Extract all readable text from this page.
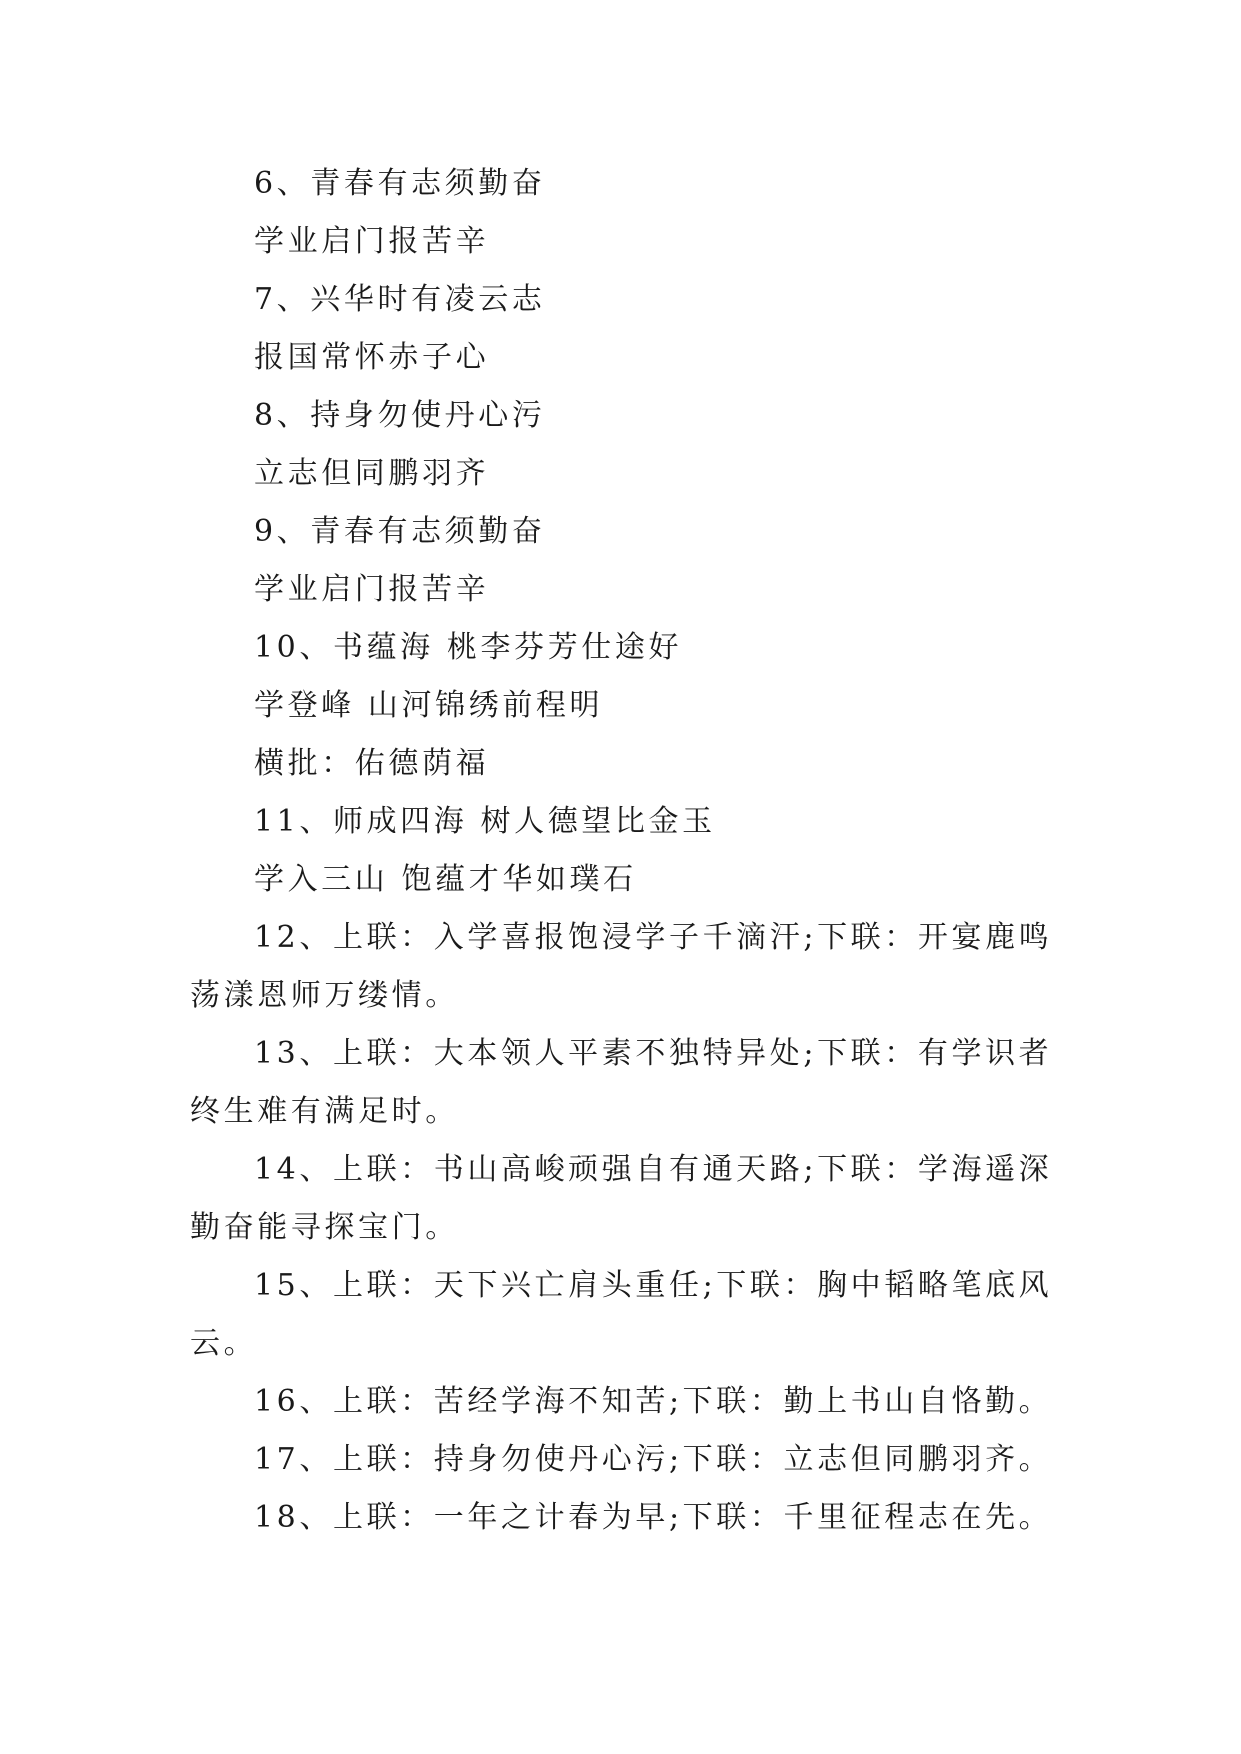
6、青春有志须勤奋
学业启门报苦辛
7、兴华时有凌云志
报国常怀赤子心
8、持身勿使丹心污
立志但同鹏羽齐
9、青春有志须勤奋
学业启门报苦辛
10、书蕴海 桃李芬芳仕途好
学登峰 山河锦绣前程明
横批：佑德荫福
11、师成四海 树人德望比金玉
学入三山 饱蕴才华如璞石
12、上联：入学喜报饱浸学子千滴汗;下联：开宴鹿鸣
荡漾恩师万缕情。
13、上联：大本领人平素不独特异处;下联：有学识者
终生难有满足时。
14、上联：书山高峻顽强自有通天路;下联：学海遥深
勤奋能寻探宝门。
15、上联：天下兴亡肩头重任;下联：胸中韬略笔底风
云。
16、上联：苦经学海不知苦;下联：勤上书山自恪勤。
17、上联：持身勿使丹心污;下联：立志但同鹏羽齐。
18、上联：一年之计春为早;下联：千里征程志在先。
